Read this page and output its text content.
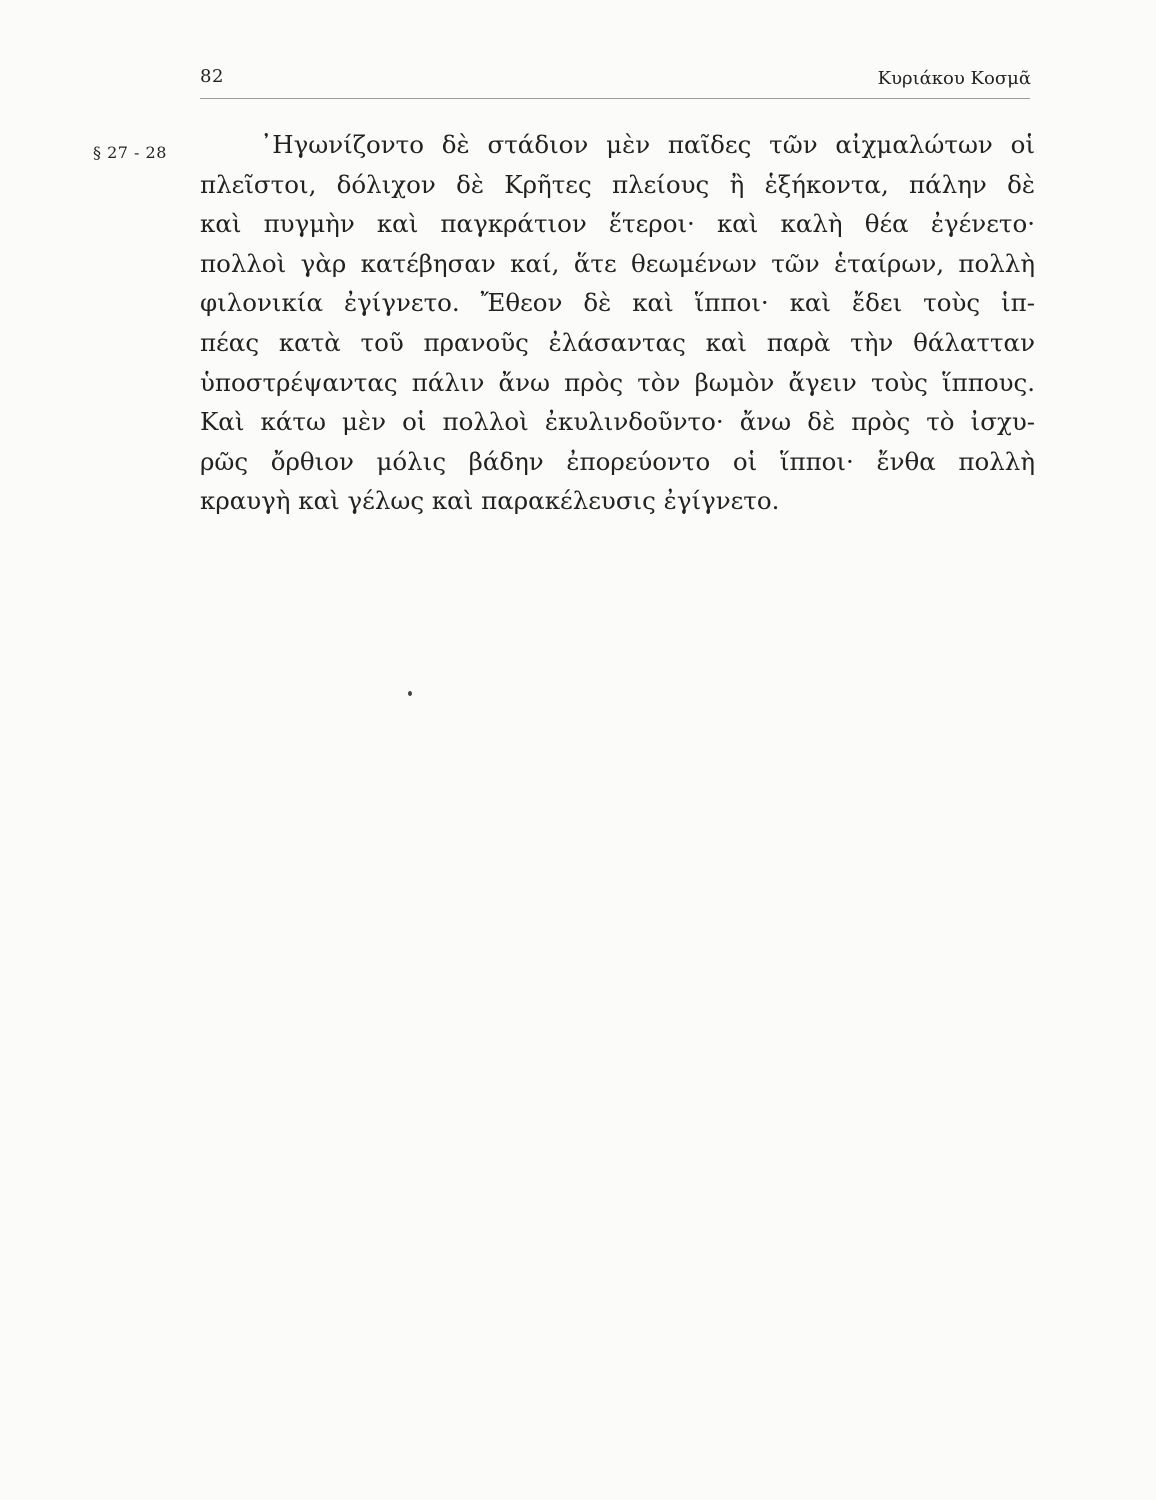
82	Κυριάκου Κοσμᾶ
§ 27 - 28	᾿Ηγωνίζοντο δὲ στάδιον μὲν παῖδες τῶν αἰχμαλώτων οἱ
πλεῖστοι, δόλιχον δὲ Κρῆτες πλείους ἢ ἑξήκοντα, πάλην δὲ
καὶ πυγμὴν καὶ παγκράτιον ἕτεροι· καὶ καλὴ θέα ἐγένετο·
πολλοὶ γὰρ κατέβησαν καί, ἅτε θεωμένων τῶν ἑταίρων, πολλὴ
φιλονικία ἐγίγνετο. Ἔθεον δὲ καὶ ἵπποι· καὶ ἔδει τοὺς ἱπ-
πέας κατὰ τοῦ πρανοῦς ἐλάσαντας καὶ παρὰ τὴν θάλατταν
ὑποστρέψαντας πάλιν ἄνω πρὸς τὸν βωμὸν ἄγειν τοὺς ἵππους.
Καὶ κάτω μὲν οἱ πολλοὶ ἐκυλινδοῦντο· ἄνω δὲ πρὸς τὸ ἰσχυ-
ρῶς ὄρθιον μόλις βάδην ἐπορεύοντο οἱ ἵπποι· ἔνθα πολλὴ
κραυγὴ καὶ γέλως καὶ παρακέλευσις ἐγίγνετο.
